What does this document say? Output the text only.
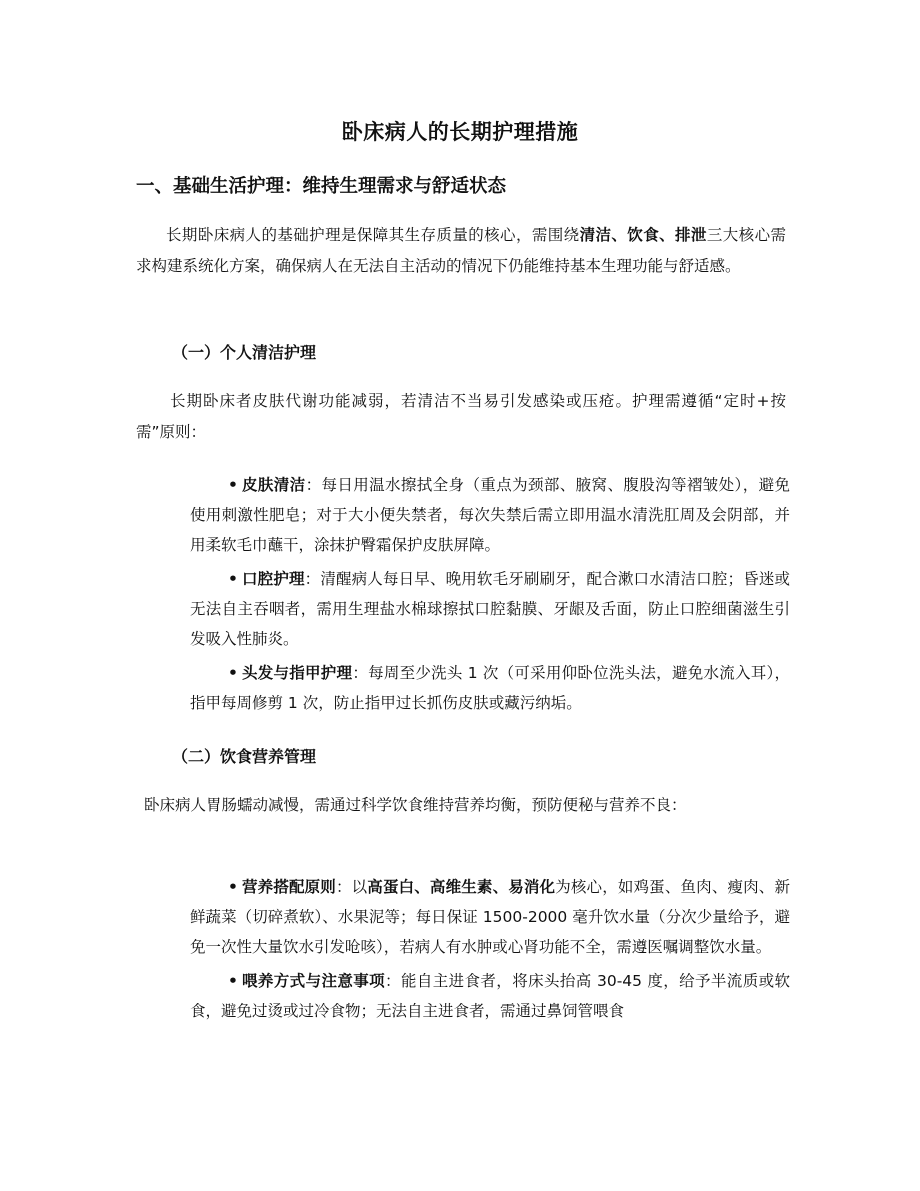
卧床病人的长期护理措施
一、基础生活护理：维持生理需求与舒适状态

长期卧床病人的基础护理是保障其生存质量的核心，需围绕清洁、饮食、排泄三大核心需求构建系统化方案，确保病人在无法自主活动的情况下仍能维持基本生理功能与舒适感。

（一）个人清洁护理

长期卧床者皮肤代谢功能减弱，若清洁不当易引发感染或压疮。护理需遵循“定时+按需”原则：

• 皮肤清洁：每日用温水擦拭全身（重点为颈部、腋窝、腹股沟等褶皱处），避免使用刺激性肥皂；对于大小便失禁者，每次失禁后需立即用温水清洗肛周及会阴部，并用柔软毛巾蘸干，涂抹护臀霜保护皮肤屏障。
• 口腔护理：清醒病人每日早、晚用软毛牙刷刷牙，配合漱口水清洁口腔；昏迷或无法自主吞咽者，需用生理盐水棉球擦拭口腔黏膜、牙龈及舌面，防止口腔细菌滋生引发吸入性肺炎。
• 头发与指甲护理：每周至少洗头 1 次（可采用仰卧位洗头法，避免水流入耳），指甲每周修剪 1 次，防止指甲过长抓伤皮肤或藏污纳垢。
（二）饮食营养管理

卧床病人胃肠蠕动减慢，需通过科学饮食维持营养均衡，预防便秘与营养不良：

• 营养搭配原则：以高蛋白、高维生素、易消化为核心，如鸡蛋、鱼肉、瘦肉、新鲜蔬菜（切碎煮软）、水果泥等；每日保证 1500-2000 毫升饮水量（分次少量给予，避免一次性大量饮水引发呛咳），若病人有水肿或心肾功能不全，需遵医嘱调整饮水量。
• 喂养方式与注意事项：能自主进食者，将床头抬高 30-45 度，给予半流质或软食，避免过烫或过冷食物；无法自主进食者，需通过鼻饲管喂食
